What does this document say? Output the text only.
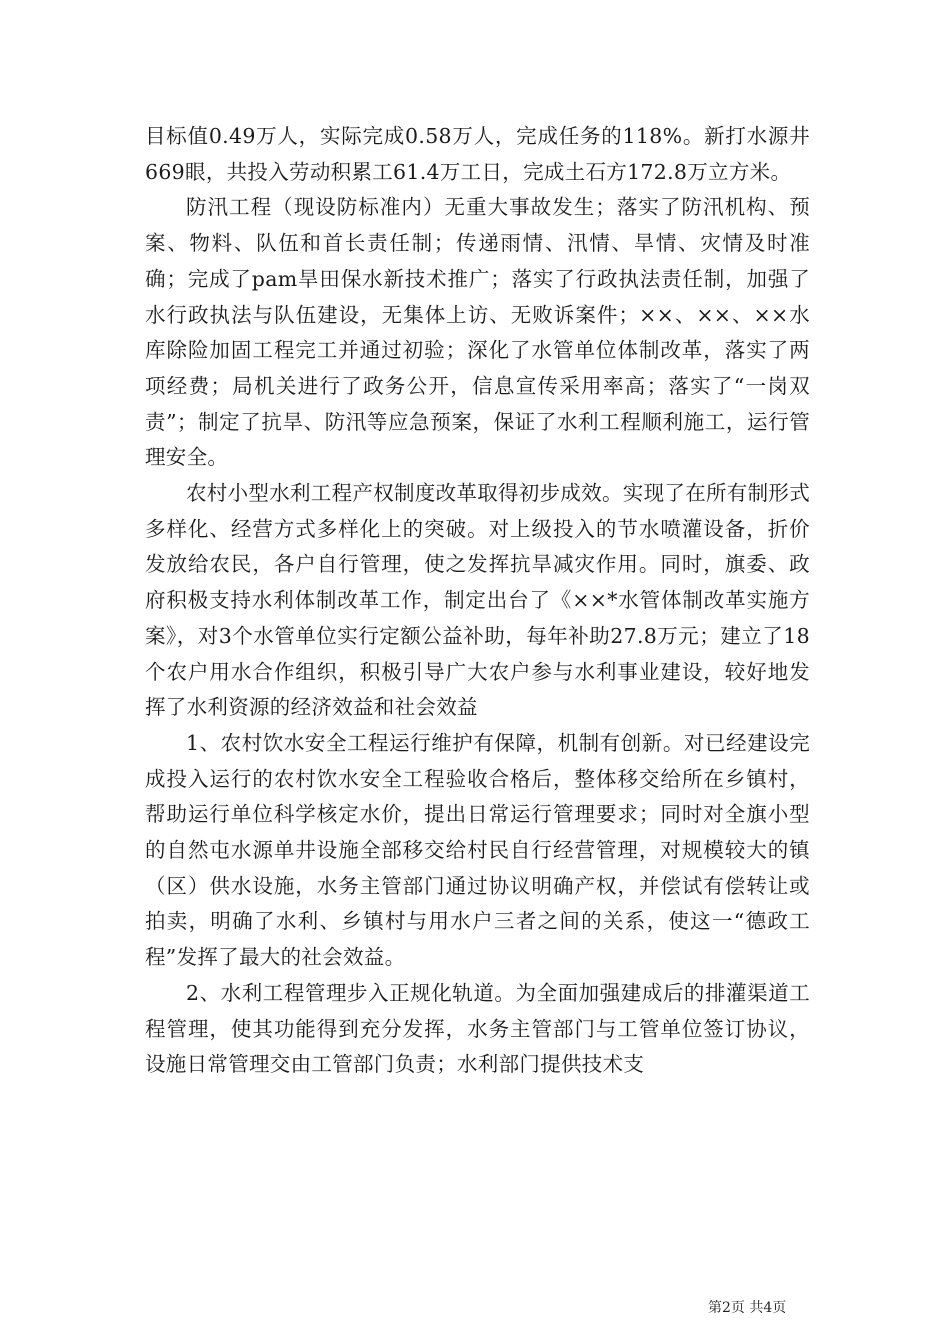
目标值0.49万人，实际完成0.58万人，完成任务的118%。新打水源井669眼，共投入劳动积累工61.4万工日，完成土石方172.8万立方米。

防汛工程（现设防标准内）无重大事故发生；落实了防汛机构、预案、物料、队伍和首长责任制；传递雨情、汛情、旱情、灾情及时准确；完成了pam旱田保水新技术推广；落实了行政执法责任制，加强了水行政执法与队伍建设，无集体上访、无败诉案件；××、××、××水库除险加固工程完工并通过初验；深化了水管单位体制改革，落实了两项经费；局机关进行了政务公开，信息宣传采用率高；落实了“一岗双责”；制定了抗旱、防汛等应急预案，保证了水利工程顺利施工，运行管理安全。

农村小型水利工程产权制度改革取得初步成效。实现了在所有制形式多样化、经营方式多样化上的突破。对上级投入的节水喷灌设备，折价发放给农民，各户自行管理，使之发挥抗旱减灾作用。同时，旗委、政府积极支持水利体制改革工作，制定出台了《××*水管体制改革实施方案》，对3个水管单位实行定额公益补助，每年补助27.8万元；建立了18个农户用水合作组织，积极引导广大农户参与水利事业建设，较好地发挥了水利资源的经济效益和社会效益

1、农村饮水安全工程运行维护有保障，机制有创新。对已经建设完成投入运行的农村饮水安全工程验收合格后，整体移交给所在乡镇村，帮助运行单位科学核定水价，提出日常运行管理要求；同时对全旗小型的自然屯水源单井设施全部移交给村民自行经营管理，对规模较大的镇（区）供水设施，水务主管部门通过协议明确产权，并偿试有偿转让或拍卖，明确了水利、乡镇村与用水户三者之间的关系，使这一“德政工程”发挥了最大的社会效益。

2、水利工程管理步入正规化轨道。为全面加强建成后的排灌渠道工程管理，使其功能得到充分发挥，水务主管部门与工管单位签订协议，设施日常管理交由工管部门负责；水利部门提供技术支

第2页 共4页
